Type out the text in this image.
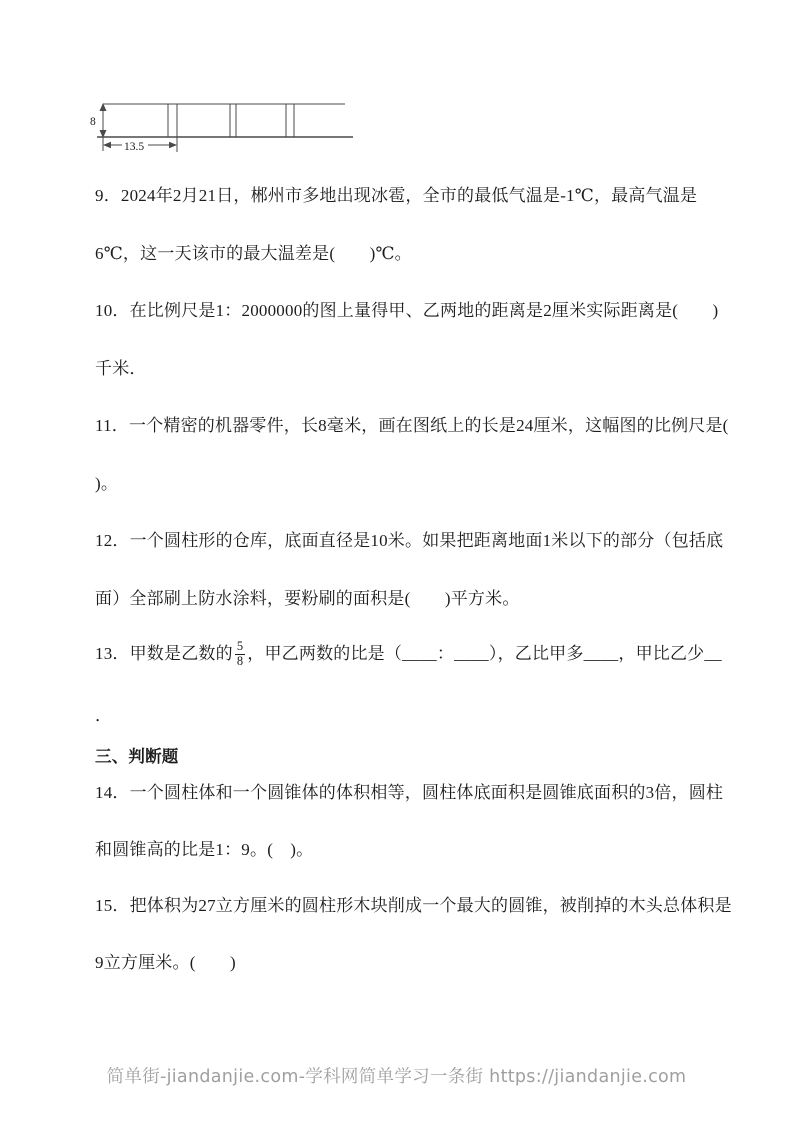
8
13.5
9．2024年2月21日，郴州市多地出现冰雹，全市的最低气温是-1℃，最高气温是
6℃，这一天该市的最大温差是(　　)℃。
10．在比例尺是1：2000000的图上量得甲、乙两地的距离是2厘米实际距离是(　　)
千米．
11．一个精密的机器零件，长8毫米，画在图纸上的长是24厘米，这幅图的比例尺是(
)。
12．一个圆柱形的仓库，底面直径是10米。如果把距离地面1米以下的部分（包括底
面）全部刷上防水涂料，要粉刷的面积是(　　)平方米。
13．甲数是乙数的 $\frac{5}{8}$ ，甲乙两数的比是（____：____），乙比甲多____，甲比乙少__
．
三、判断题
14．一个圆柱体和一个圆锥体的体积相等，圆柱体底面积是圆锥底面积的3倍，圆柱
和圆锥高的比是1：9。(　)。
15．把体积为27立方厘米的圆柱形木块削成一个最大的圆锥，被削掉的木头总体积是
9立方厘米。(　　)
简单街-jiandanjie.com-学科网简单学习一条街 https://jiandanjie.com
